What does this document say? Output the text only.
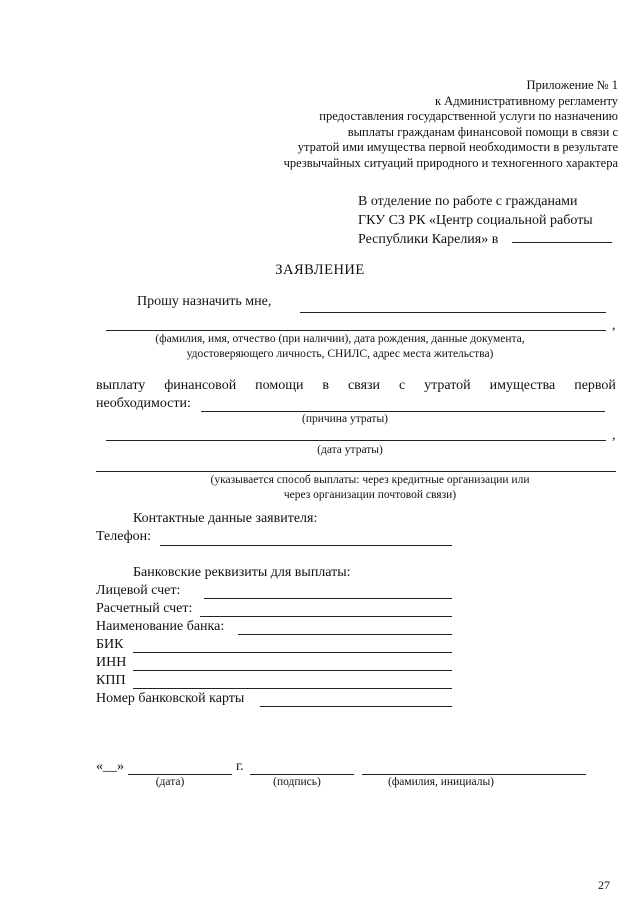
Приложение № 1
к Административному регламенту
предоставления государственной услуги по назначению
выплаты гражданам финансовой помощи в связи с
утратой ими имущества первой необходимости в результате
чрезвычайных ситуаций природного и техногенного характера
В отделение по работе с гражданами
ГКУ СЗ РК «Центр социальной работы
Республики Карелия» в
ЗАЯВЛЕНИЕ
Прошу назначить мне,
,
(фамилия, имя, отчество (при наличии), дата рождения, данные документа,
удостоверяющего личность, СНИЛС, адрес места жительства)
выплату финансовой помощи в связи с утратой имущества первой
необходимости:
(причина утраты)
,
(дата утраты)
(указывается способ выплаты: через кредитные организации или
через организации почтовой связи)
Контактные данные заявителя:
Телефон:
Банковские реквизиты для выплаты:
Лицевой счет:
Расчетный счет:
Наименование банка:
БИК
ИНН
КПП
Номер банковской карты
«__»	г.
(дата)	(подпись)	(фамилия, инициалы)
27
